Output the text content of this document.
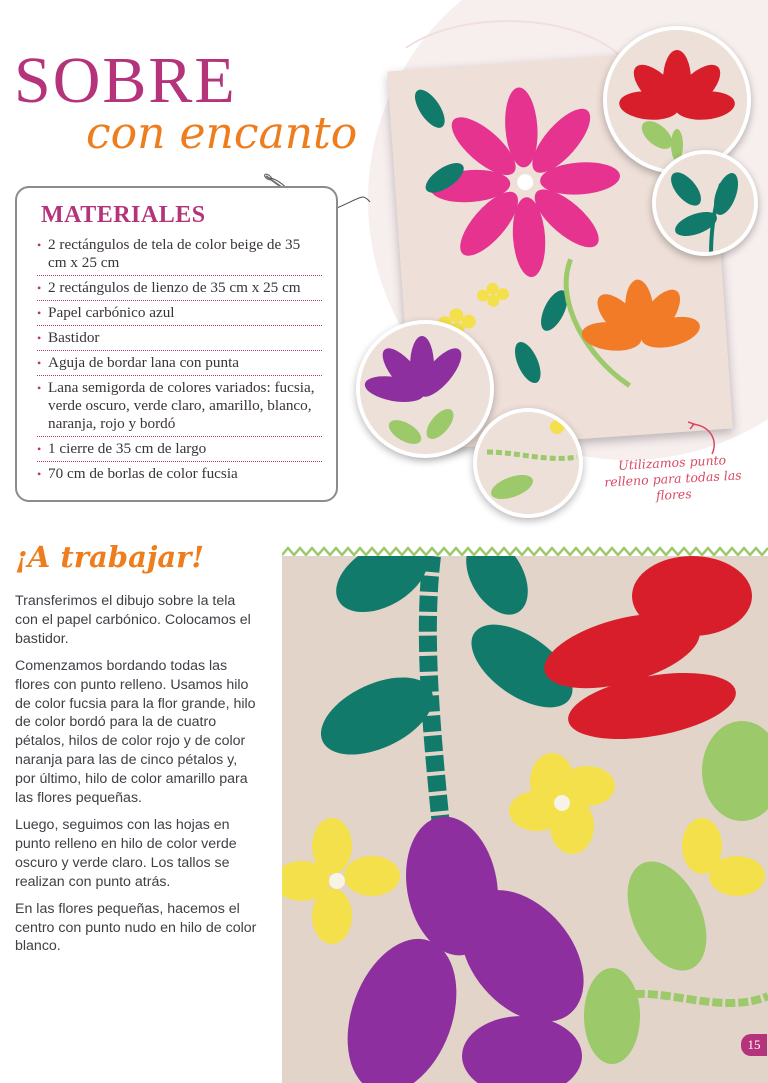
SOBRE
con encanto
MATERIALES
• 2 rectángulos de tela de color beige de 35 cm x 25 cm
• 2 rectángulos de lienzo de 35 cm x 25 cm
• Papel carbónico azul
• Bastidor
• Aguja de bordar lana con punta
• Lana semigorda de colores variados: fucsia, verde oscuro, verde claro, amarillo, blanco, naranja, rojo y bordó
• 1 cierre de 35 cm de largo
• 70 cm de borlas de color fucsia
Utilizamos punto relleno para todas las flores
¡A trabajar!

Transferimos el dibujo sobre la tela con el papel carbónico. Colocamos el bastidor.

Comenzamos bordando todas las flores con punto relleno. Usamos hilo de color fucsia para la flor grande, hilo de color bordó para la de cuatro pétalos, hilos de color rojo y de color naranja para las de cinco pétalos y, por último, hilo de color amarillo para las flores pequeñas.

Luego, seguimos con las hojas en punto relleno en hilo de color verde oscuro y verde claro. Los tallos se realizan con punto atrás.

En las flores pequeñas, hacemos el centro con punto nudo en hilo de color blanco.

15
